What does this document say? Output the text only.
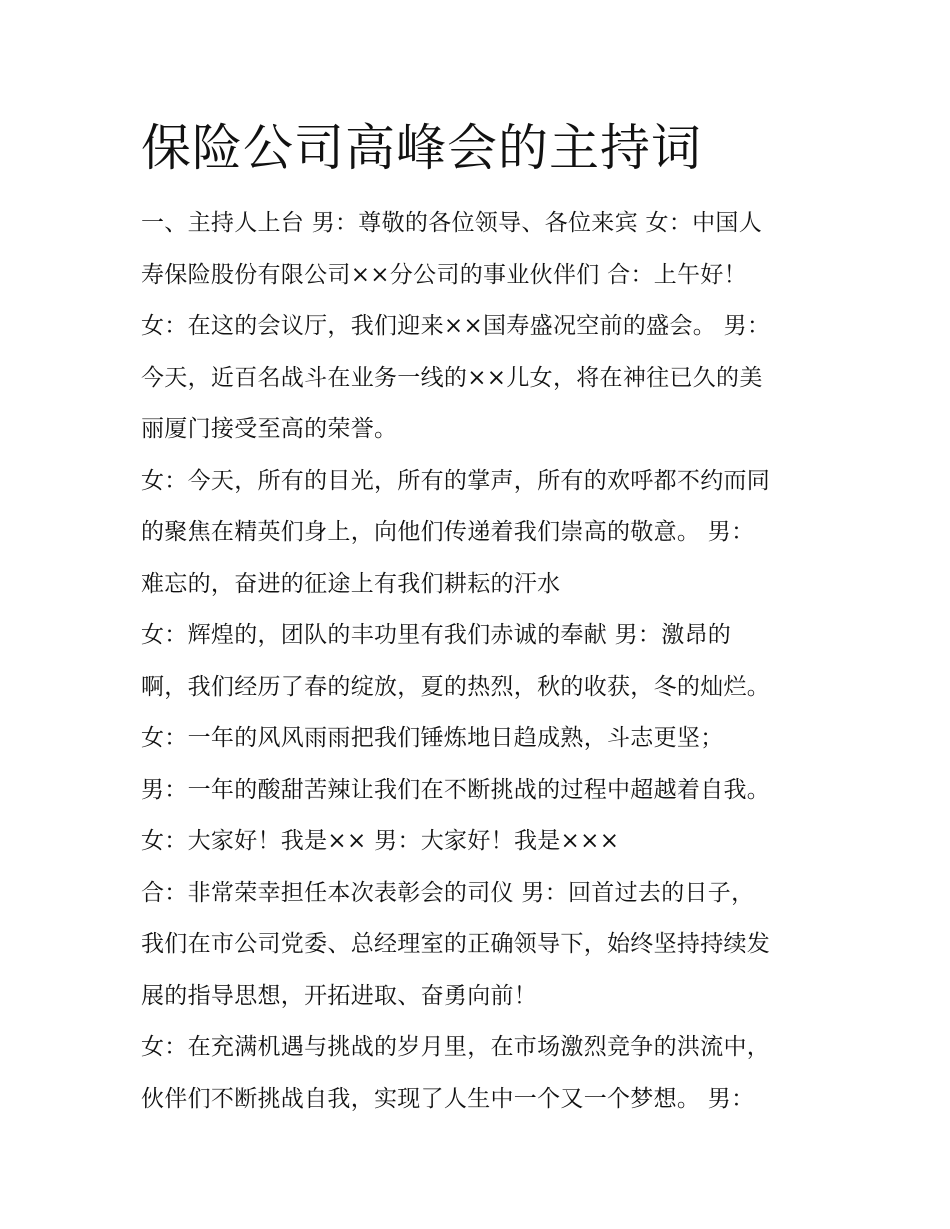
保险公司高峰会的主持词
一、主持人上台 男：尊敬的各位领导、各位来宾 女：中国人
寿保险股份有限公司××分公司的事业伙伴们 合：上午好！
女：在这的会议厅，我们迎来××国寿盛况空前的盛会。 男：
今天，近百名战斗在业务一线的××儿女，将在神往已久的美
丽厦门接受至高的荣誉。
女：今天，所有的目光，所有的掌声，所有的欢呼都不约而同
的聚焦在精英们身上，向他们传递着我们崇高的敬意。 男：
难忘的，奋进的征途上有我们耕耘的汗水
女：辉煌的，团队的丰功里有我们赤诚的奉献 男：激昂的
啊，我们经历了春的绽放，夏的热烈，秋的收获，冬的灿烂。
女：一年的风风雨雨把我们锤炼地日趋成熟，斗志更坚；
男：一年的酸甜苦辣让我们在不断挑战的过程中超越着自我。
女：大家好！我是×× 男：大家好！我是×××
合：非常荣幸担任本次表彰会的司仪 男：回首过去的日子，
我们在市公司党委、总经理室的正确领导下，始终坚持持续发
展的指导思想，开拓进取、奋勇向前！
女：在充满机遇与挑战的岁月里，在市场激烈竞争的洪流中，
伙伴们不断挑战自我，实现了人生中一个又一个梦想。 男：
